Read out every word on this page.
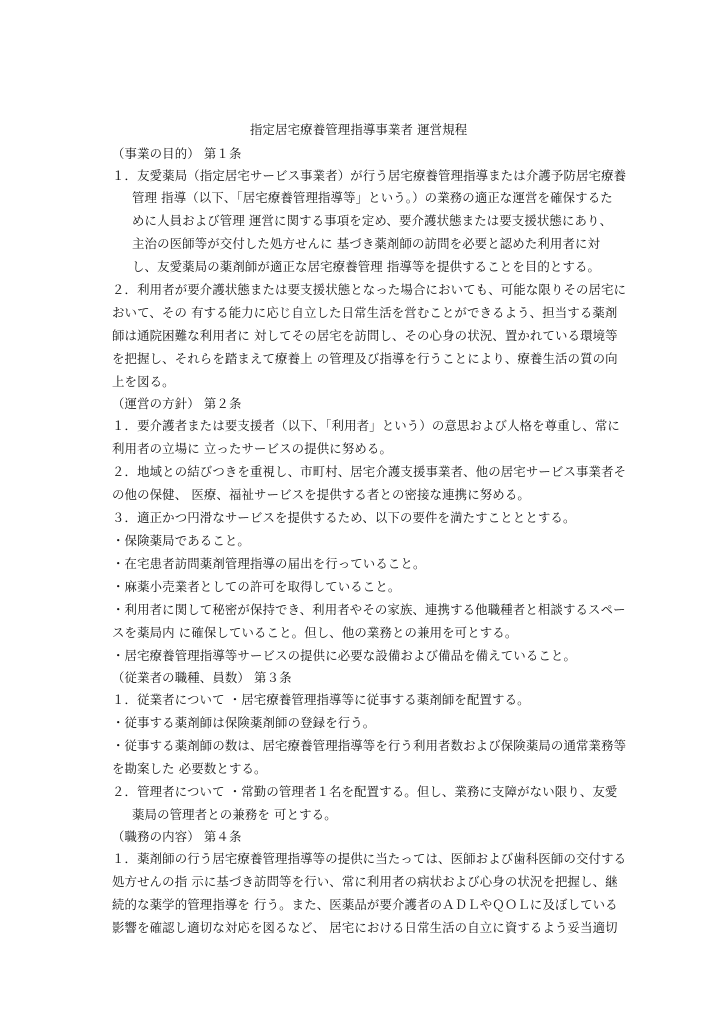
指定居宅療養管理指導事業者 運営規程
（事業の目的） 第１条
１．友愛薬局（指定居宅サービス事業者）が行う居宅療養管理指導または介護予防居宅療養
管理 指導（以下、「居宅療養管理指導等」という。）の業務の適正な運営を確保するた
めに人員および管理 運営に関する事項を定め、要介護状態または要支援状態にあり、
主治の医師等が交付した処方せんに 基づき薬剤師の訪問を必要と認めた利用者に対
し、友愛薬局の薬剤師が適正な居宅療養管理 指導等を提供することを目的とする。
２．利用者が要介護状態または要支援状態となった場合においても、可能な限りその居宅に
おいて、その 有する能力に応じ自立した日常生活を営むことができるよう、担当する薬剤
師は通院困難な利用者に 対してその居宅を訪問し、その心身の状況、置かれている環境等
を把握し、それらを踏まえて療養上 の管理及び指導を行うことにより、療養生活の質の向
上を図る。
（運営の方針） 第２条
１．要介護者または要支援者（以下、「利用者」という）の意思および人格を尊重し、常に
利用者の立場に 立ったサービスの提供に努める。
２．地域との結びつきを重視し、市町村、居宅介護支援事業者、他の居宅サービス事業者そ
の他の保健、 医療、福祉サービスを提供する者との密接な連携に努める。
３．適正かつ円滑なサービスを提供するため、以下の要件を満たすことととする。
・保険薬局であること。
・在宅患者訪問薬剤管理指導の届出を行っていること。
・麻薬小売業者としての許可を取得していること。
・利用者に関して秘密が保持でき、利用者やその家族、連携する他職種者と相談するスペー
スを薬局内 に確保していること。但し、他の業務との兼用を可とする。
・居宅療養管理指導等サービスの提供に必要な設備および備品を備えていること。
（従業者の職種、員数） 第３条
１．従業者について ・居宅療養管理指導等に従事する薬剤師を配置する。
・従事する薬剤師は保険薬剤師の登録を行う。
・従事する薬剤師の数は、居宅療養管理指導等を行う利用者数および保険薬局の通常業務等
を勘案した 必要数とする。
２．管理者について ・常勤の管理者１名を配置する。但し、業務に支障がない限り、友愛
薬局の管理者との兼務を 可とする。
（職務の内容） 第４条
１．薬剤師の行う居宅療養管理指導等の提供に当たっては、医師および歯科医師の交付する
処方せんの指 示に基づき訪問等を行い、常に利用者の病状および心身の状況を把握し、継
続的な薬学的管理指導を 行う。また、医薬品が要介護者のＡＤＬやＱＯＬに及ぼしている
影響を確認し適切な対応を図るなど、 居宅における日常生活の自立に資するよう妥当適切
